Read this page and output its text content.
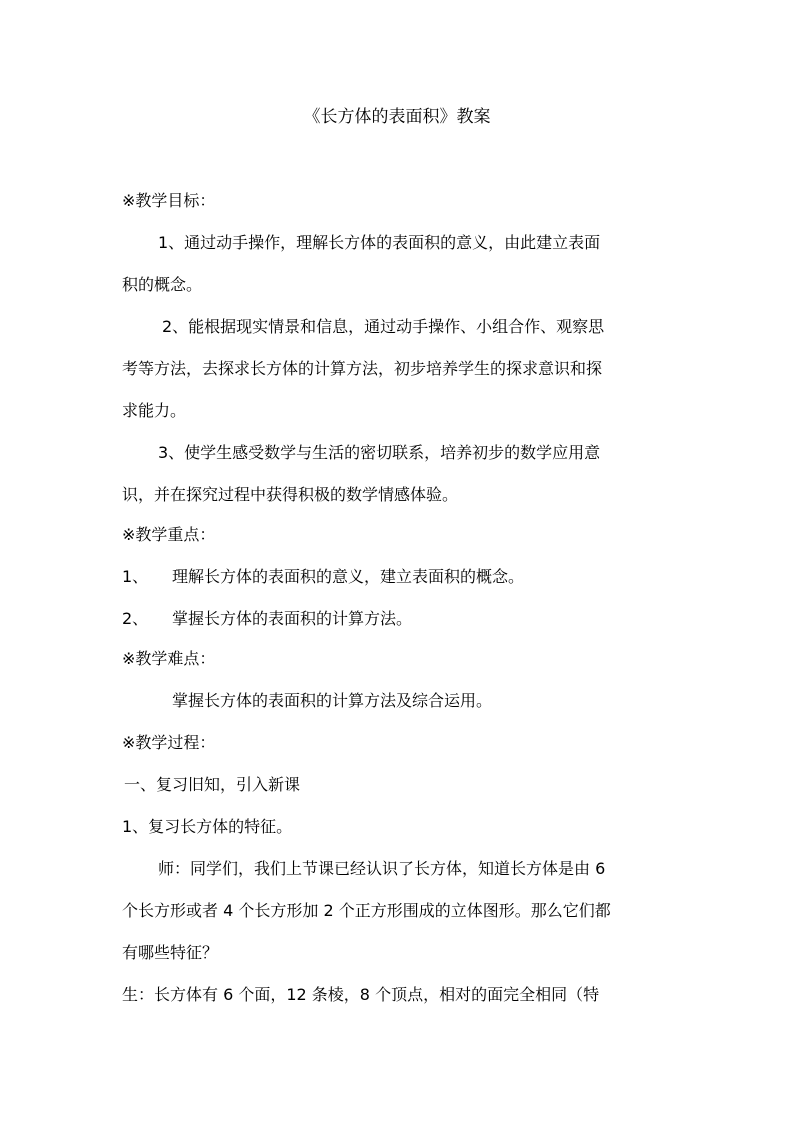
《长方体的表面积》教案
※教学目标：
1、通过动手操作，理解长方体的表面积的意义，由此建立表面
积的概念。
2、能根据现实情景和信息，通过动手操作、小组合作、观察思
考等方法，去探求长方体的计算方法，初步培养学生的探求意识和探
求能力。
3、使学生感受数学与生活的密切联系，培养初步的数学应用意
识，并在探究过程中获得积极的数学情感体验。
※教学重点：
1、 理解长方体的表面积的意义，建立表面积的概念。
2、 掌握长方体的表面积的计算方法。
※教学难点：
掌握长方体的表面积的计算方法及综合运用。
※教学过程：
一、复习旧知，引入新课
1、复习长方体的特征。
师：同学们，我们上节课已经认识了长方体，知道长方体是由 6
个长方形或者 4 个长方形加 2 个正方形围成的立体图形。那么它们都
有哪些特征？
生：长方体有 6 个面，12 条棱，8 个顶点，相对的面完全相同（特
